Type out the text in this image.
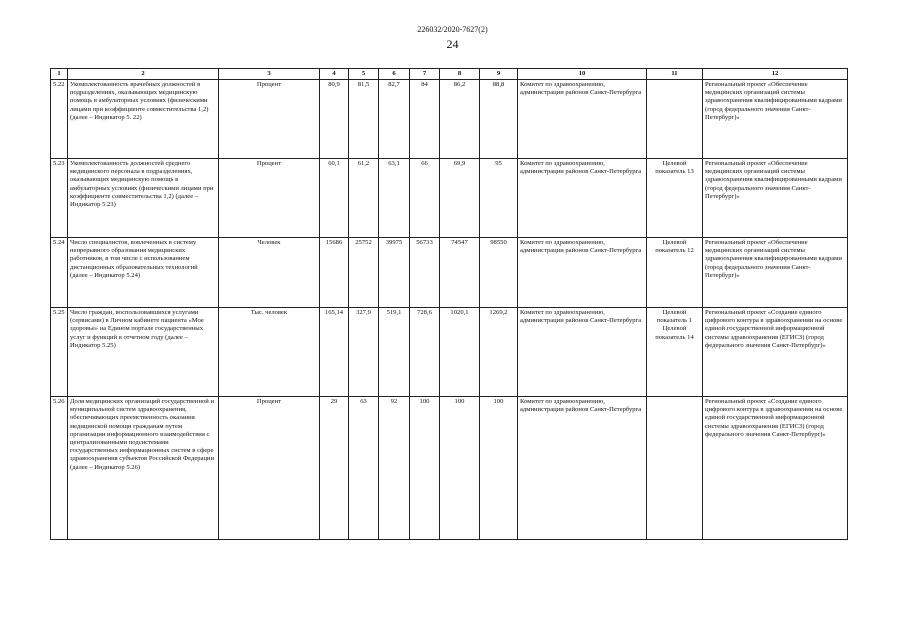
226032/2020-7627(2)
24
1	2	3	4	5	6	7	8	9	10	11	12
5.22	Укомплектованность врачебных должностей в подразделениях, оказывающих медицинскую помощь в амбулаторных условиях (физическими лицами при коэффициенте совместительства 1,2) (далее – Индикатор 5. 22)	Процент	80,9	81,5	82,7	84	86,2	88,8	Комитет по здравоохранению, администрации районов Санкт-Петербурга		Региональный проект «Обеспечение медицинских организаций системы здравоохранения квалифицированными кадрами (город федерального значения Санкт-Петербург)»
5.23	Укомплектованность должностей среднего медицинского персонала в подразделениях, оказывающих медицинскую помощь в амбулаторных условиях (физическими лицами при коэффициенте совместительства 1,2) (далее – Индикатор 5.23)	Процент	60,1	61,2	63,1	66	69,9	95	Комитет по здравоохранению, администрации районов Санкт-Петербурга	Целевой показатель 13	Региональный проект «Обеспечение медицинских организаций системы здравоохранения квалифицированными кадрами (город федерального значения Санкт-Петербург)»
5.24	Число специалистов, вовлеченных в систему непрерывного образования медицинских работников, в том числе с использованием дистанционных образовательных технологий (далее – Индикатор 5.24)	Человек	15686	25752	39975	56733	74547	98550	Комитет по здравоохранению, администрации районов Санкт-Петербурга	Целевой показатель 12	Региональный проект «Обеспечение медицинских организаций системы здравоохранения квалифицированными кадрами (город федерального значения Санкт-Петербург)»
5.25	Число граждан, воспользовавшихся услугами (сервисами) в Личном кабинете пациента «Мое здоровье» на Едином портале государственных услуг и функций в отчетном году (далее – Индикатор 5.25)	Тыс. человек	165,14	327,9	519,1	728,6	1020,1	1269,2	Комитет по здравоохранению, администрации районов Санкт-Петербурга	Целевой показатель 1 Целевой показатель 14	Региональный проект «Создание единого цифрового контура в здравоохранении на основе единой государственной информационной системы здравоохранения (ЕГИСЗ) (город федерального значения Санкт-Петербург)»
5.26	Доля медицинских организаций государственной и муниципальной систем здравоохранения, обеспечивающих преемственность оказания медицинской помощи гражданам путем организации информационного взаимодействия с централизованными подсистемами государственных информационных систем в сфере здравоохранения субъектов Российской Федерации (далее – Индикатор 5.26)	Процент	29	63	92	100	100	100	Комитет по здравоохранению, администрации районов Санкт-Петербурга		Региональный проект «Создание единого цифрового контура в здравоохранении на основе единой государственной информационной системы здравоохранения (ЕГИСЗ) (город федерального значения Санкт-Петербург)»
